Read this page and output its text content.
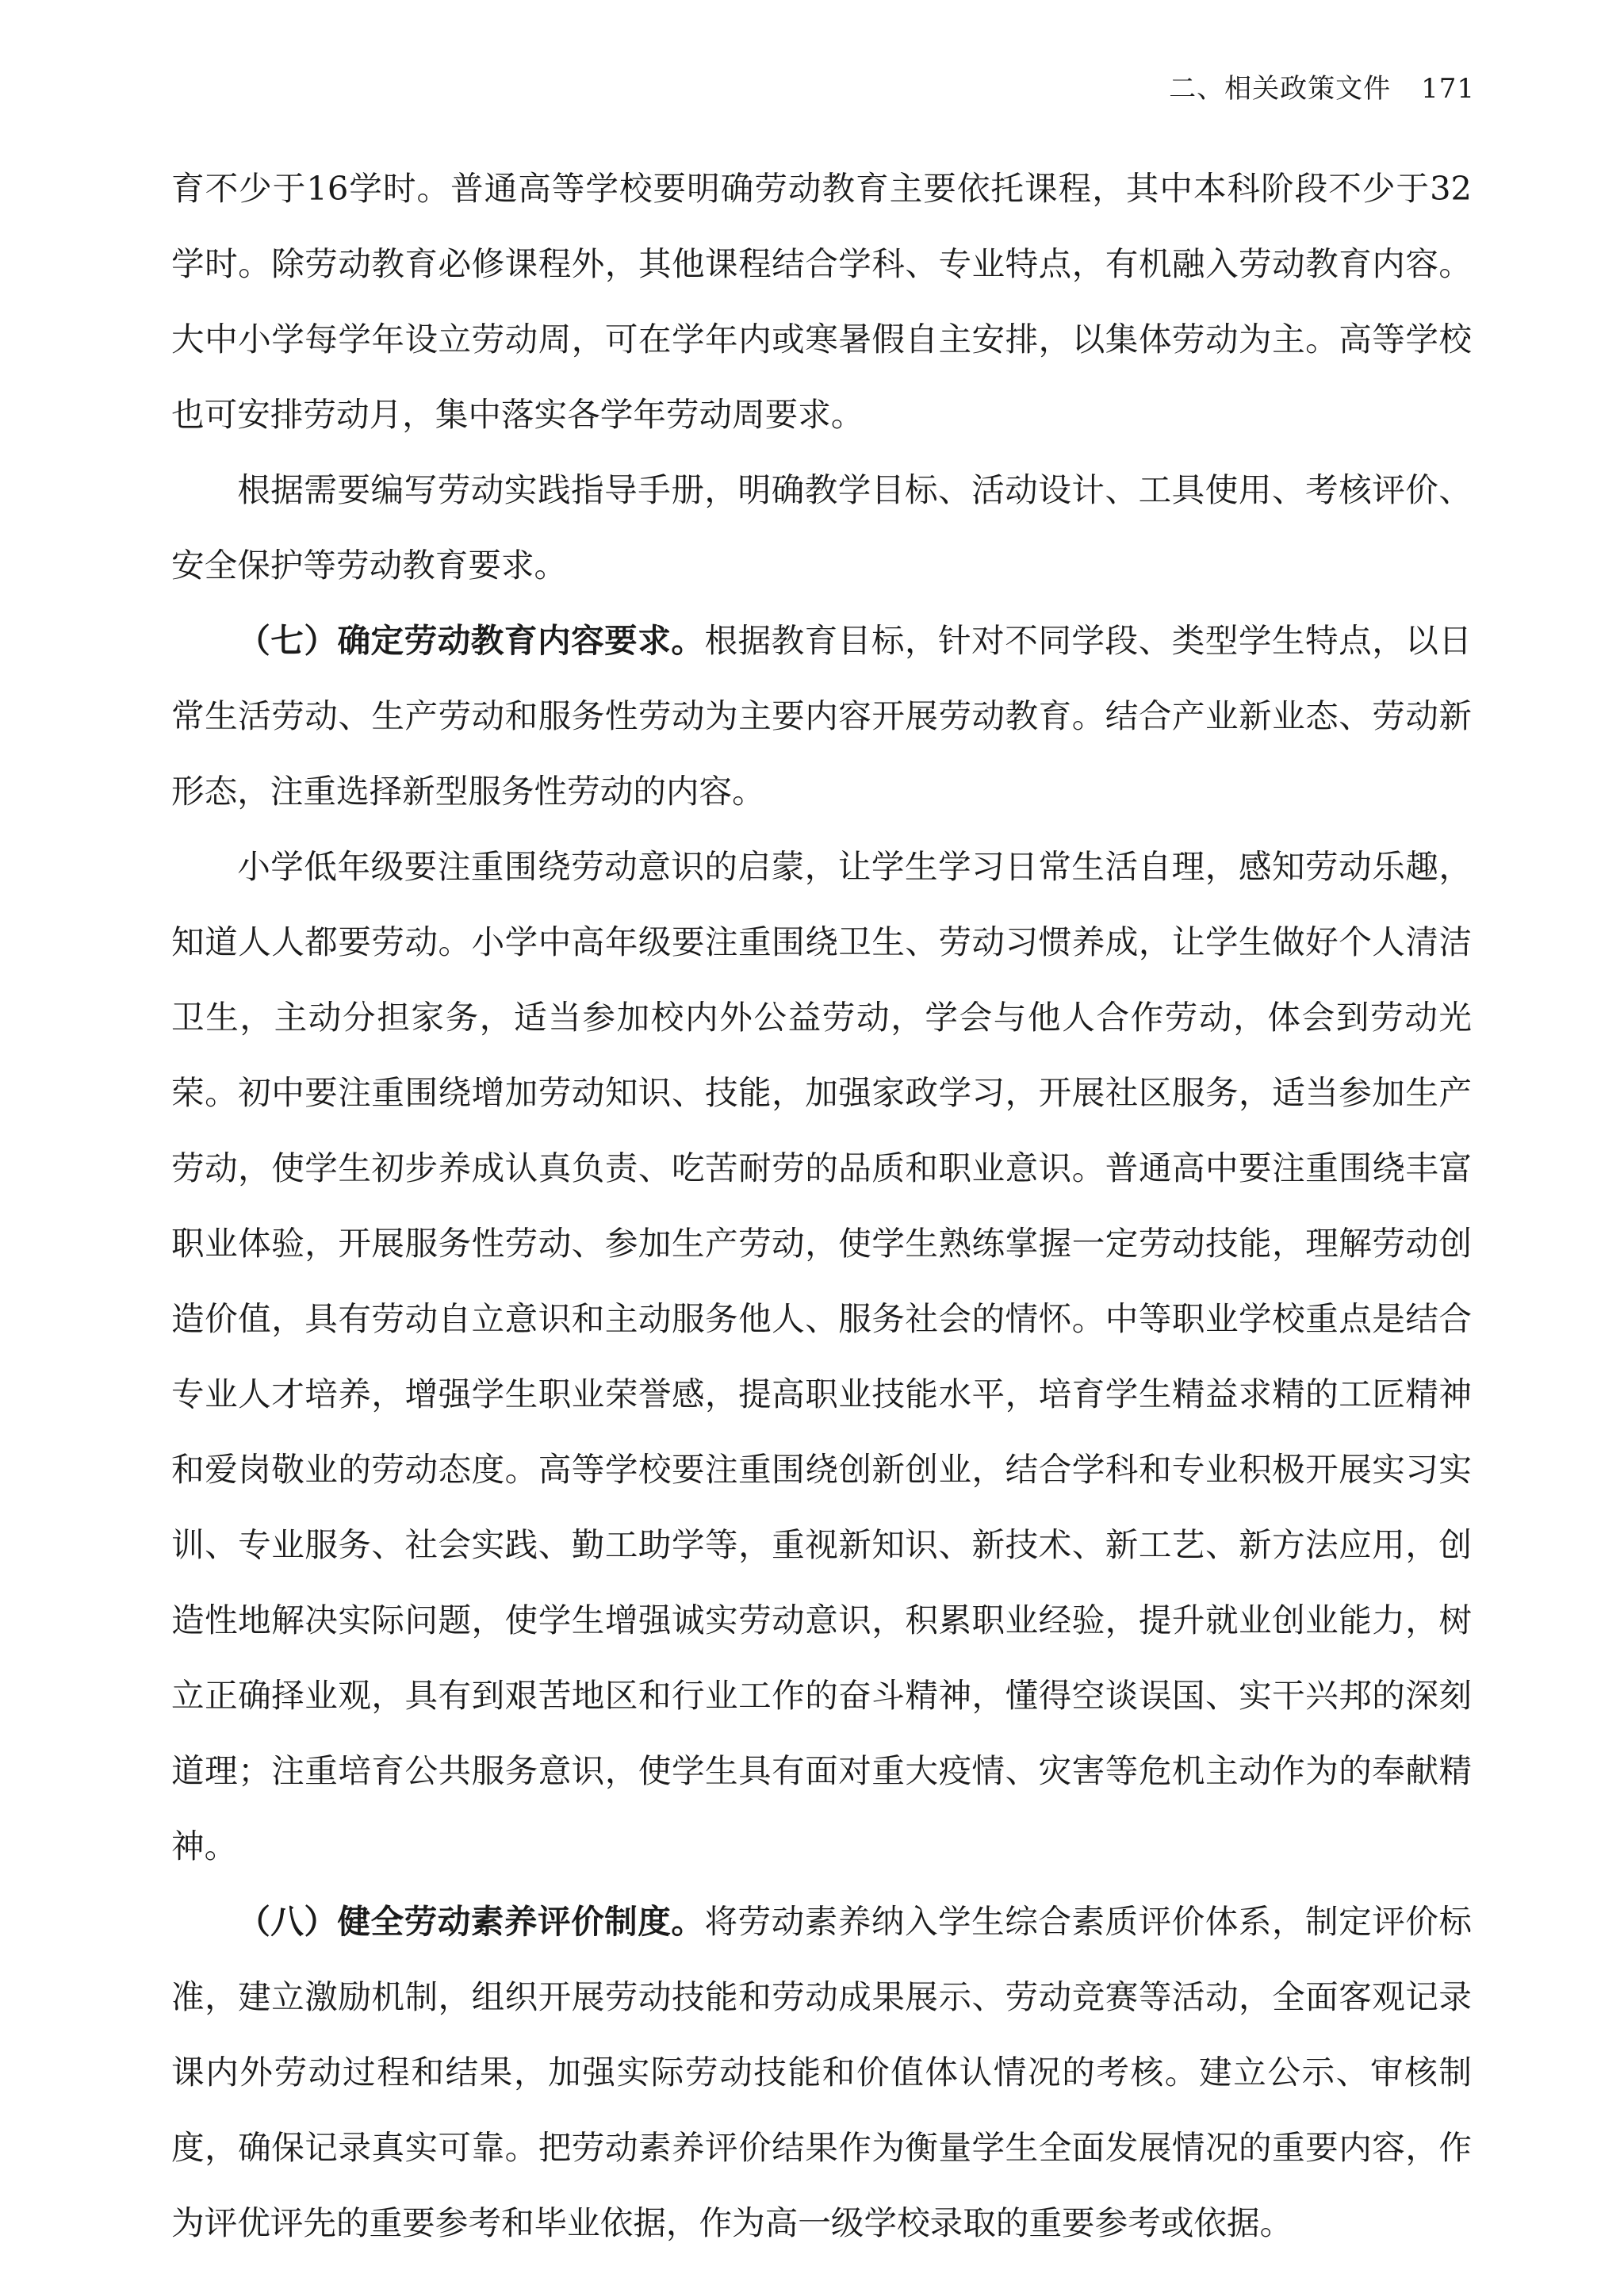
二、相关政策文件 171

育不少于16学时。普通高等学校要明确劳动教育主要依托课程，其中本科阶段不少于32学时。除劳动教育必修课程外，其他课程结合学科、专业特点，有机融入劳动教育内容。大中小学每学年设立劳动周，可在学年内或寒暑假自主安排，以集体劳动为主。高等学校也可安排劳动月，集中落实各学年劳动周要求。

根据需要编写劳动实践指导手册，明确教学目标、活动设计、工具使用、考核评价、安全保护等劳动教育要求。

（七）确定劳动教育内容要求。根据教育目标，针对不同学段、类型学生特点，以日常生活劳动、生产劳动和服务性劳动为主要内容开展劳动教育。结合产业新业态、劳动新形态，注重选择新型服务性劳动的内容。

小学低年级要注重围绕劳动意识的启蒙，让学生学习日常生活自理，感知劳动乐趣，知道人人都要劳动。小学中高年级要注重围绕卫生、劳动习惯养成，让学生做好个人清洁卫生，主动分担家务，适当参加校内外公益劳动，学会与他人合作劳动，体会到劳动光荣。初中要注重围绕增加劳动知识、技能，加强家政学习，开展社区服务，适当参加生产劳动，使学生初步养成认真负责、吃苦耐劳的品质和职业意识。普通高中要注重围绕丰富职业体验，开展服务性劳动、参加生产劳动，使学生熟练掌握一定劳动技能，理解劳动创造价值，具有劳动自立意识和主动服务他人、服务社会的情怀。中等职业学校重点是结合专业人才培养，增强学生职业荣誉感，提高职业技能水平，培育学生精益求精的工匠精神和爱岗敬业的劳动态度。高等学校要注重围绕创新创业，结合学科和专业积极开展实习实训、专业服务、社会实践、勤工助学等，重视新知识、新技术、新工艺、新方法应用，创造性地解决实际问题，使学生增强诚实劳动意识，积累职业经验，提升就业创业能力，树立正确择业观，具有到艰苦地区和行业工作的奋斗精神，懂得空谈误国、实干兴邦的深刻道理；注重培育公共服务意识，使学生具有面对重大疫情、灾害等危机主动作为的奉献精神。

（八）健全劳动素养评价制度。将劳动素养纳入学生综合素质评价体系，制定评价标准，建立激励机制，组织开展劳动技能和劳动成果展示、劳动竞赛等活动，全面客观记录课内外劳动过程和结果，加强实际劳动技能和价值体认情况的考核。建立公示、审核制度，确保记录真实可靠。把劳动素养评价结果作为衡量学生全面发展情况的重要内容，作为评优评先的重要参考和毕业依据，作为高一级学校录取的重要参考或依据。
